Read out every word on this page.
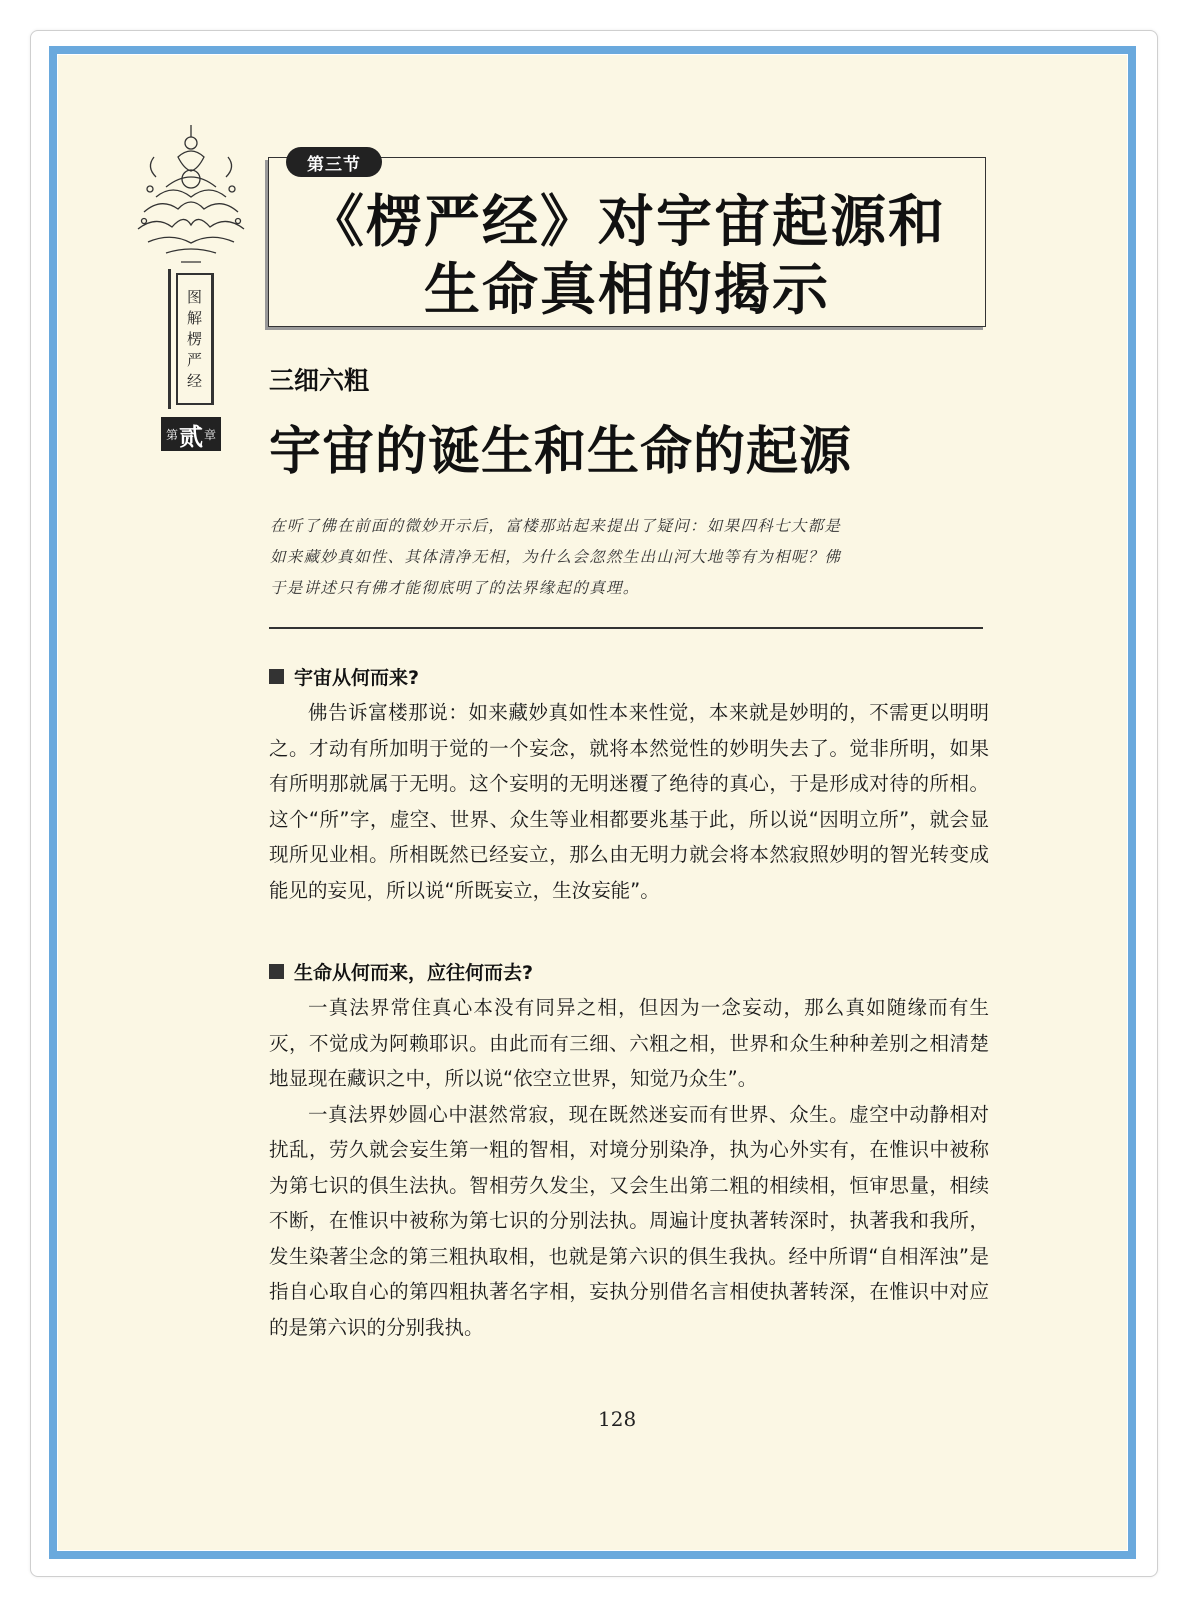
图
解
楞
严
经
第 贰 章
第三节
《楞严经》对宇宙起源和
生命真相的揭示
三细六粗
宇宙的诞生和生命的起源
在听了佛在前面的微妙开示后，富楼那站起来提出了疑问：如果四科七大都是
如来藏妙真如性、其体清净无相，为什么会忽然生出山河大地等有为相呢？佛
于是讲述只有佛才能彻底明了的法界缘起的真理。
宇宙从何而来?

佛告诉富楼那说：如来藏妙真如性本来性觉，本来就是妙明的，不需更以明明之。才动有所加明于觉的一个妄念，就将本然觉性的妙明失去了。觉非所明，如果有所明那就属于无明。这个妄明的无明迷覆了绝待的真心，于是形成对待的所相。这个“所”字，虚空、世界、众生等业相都要兆基于此，所以说“因明立所”，就会显现所见业相。所相既然已经妄立，那么由无明力就会将本然寂照妙明的智光转变成能见的妄见，所以说“所既妄立，生汝妄能”。

生命从何而来，应往何而去?

一真法界常住真心本没有同异之相，但因为一念妄动，那么真如随缘而有生灭，不觉成为阿赖耶识。由此而有三细、六粗之相，世界和众生种种差别之相清楚地显现在藏识之中，所以说“依空立世界，知觉乃众生”。

一真法界妙圆心中湛然常寂，现在既然迷妄而有世界、众生。虚空中动静相对扰乱，劳久就会妄生第一粗的智相，对境分别染净，执为心外实有，在惟识中被称为第七识的俱生法执。智相劳久发尘，又会生出第二粗的相续相，恒审思量，相续不断，在惟识中被称为第七识的分别法执。周遍计度执著转深时，执著我和我所，发生染著尘念的第三粗执取相，也就是第六识的俱生我执。经中所谓“自相浑浊”是指自心取自心的第四粗执著名字相，妄执分别借名言相使执著转深，在惟识中对应的是第六识的分别我执。

128
